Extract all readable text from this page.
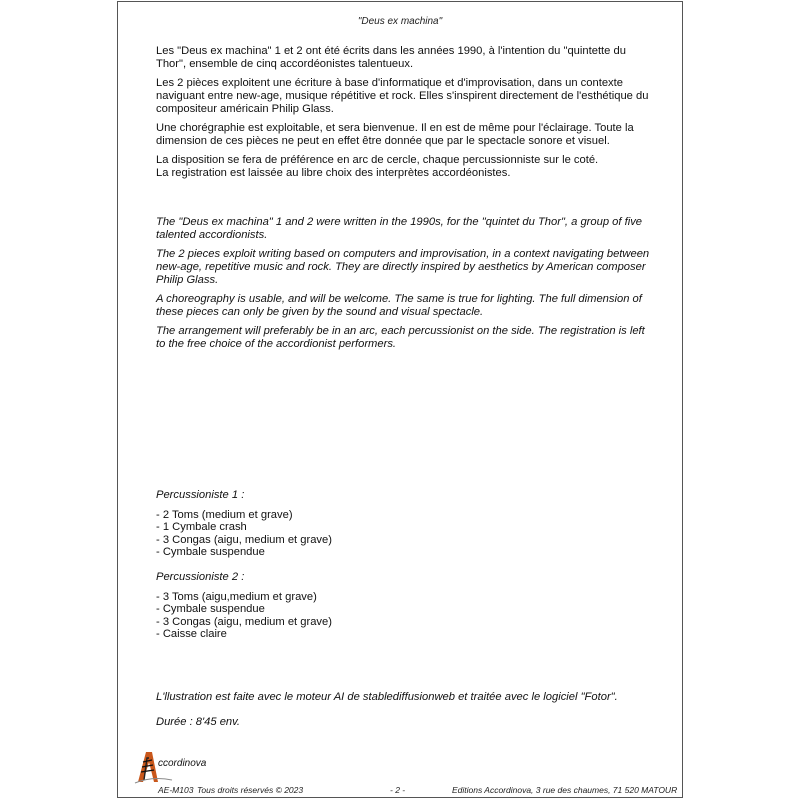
"Deus ex machina"

Les "Deus ex machina" 1 et 2 ont été écrits dans les années 1990, à l'intention du "quintette du Thor", ensemble de cinq accordéonistes talentueux.

Les 2 pièces exploitent une écriture à base d'informatique et d'improvisation, dans un contexte naviguant entre new-age, musique répétitive et rock. Elles s'inspirent directement de l'esthétique du compositeur américain Philip Glass.

Une chorégraphie est exploitable, et sera bienvenue. Il en est de même pour l'éclairage. Toute la dimension de ces pièces ne peut en effet être donnée que par le spectacle sonore et visuel.

La disposition se fera de préférence en arc de cercle, chaque percussionniste sur le coté.

La registration est laissée au libre choix des interprètes accordéonistes.

The "Deus ex machina" 1 and 2 were written in the 1990s, for the "quintet du Thor", a group of five talented accordionists.

The 2 pieces exploit writing based on computers and improvisation, in a context navigating between new-age, repetitive music and rock. They are directly inspired by aesthetics by American composer Philip Glass.

A choreography is usable, and will be welcome. The same is true for lighting. The full dimension of these pieces can only be given by the sound and visual spectacle.

The arrangement will preferably be in an arc, each percussionist on the side. The registration is left to the free choice of the accordionist performers.

Percussioniste 1 :
- 2 Toms (medium et grave)
- 1 Cymbale crash
- 3 Congas (aigu, medium et grave)
- Cymbale suspendue
Percussioniste 2 :
- 3 Toms (aigu,medium et grave)
- Cymbale suspendue
- 3 Congas (aigu, medium et grave)
- Caisse claire
L'llustration est faite avec le moteur AI de stablediffusionweb et traitée avec le logiciel "Fotor".
Durée : 8'45 env.
ccordinova
AE-M103 Tous droits réservés © 2023	- 2 -	Editions Accordinova, 3 rue des chaumes, 71 520 MATOUR
